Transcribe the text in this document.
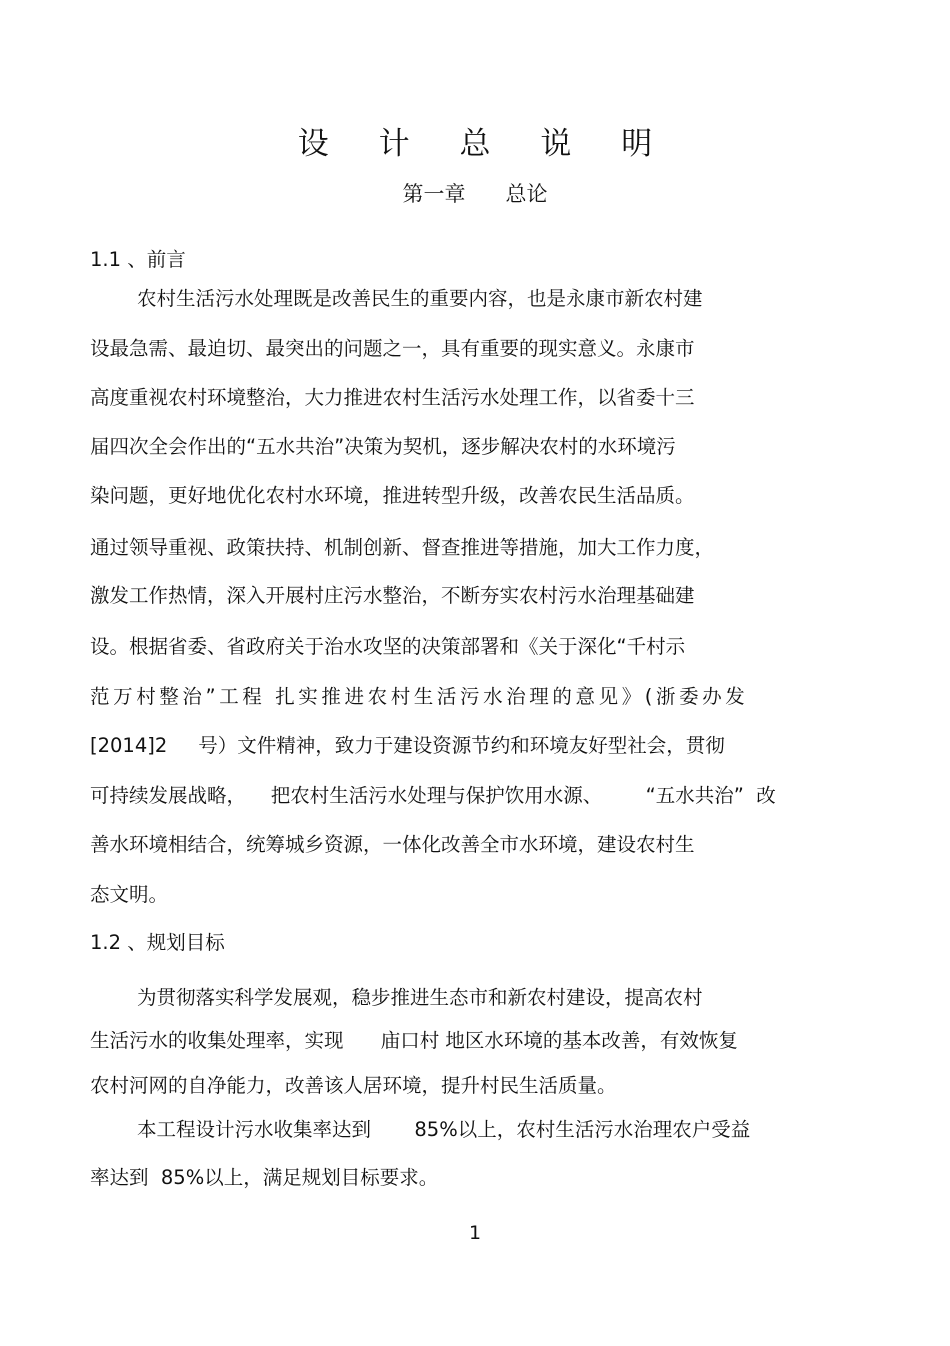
设 计 总 说 明
第一章      总论
1.1 、前言
农村生活污水处理既是改善民生的重要内容，也是永康市新农村建
设最急需、最迫切、最突出的问题之一，具有重要的现实意义。永康市
高度重视农村环境整治，大力推进农村生活污水处理工作，以省委十三
届四次全会作出的“五水共治”决策为契机，逐步解决农村的水环境污
染问题，更好地优化农村水环境，推进转型升级，改善农民生活品质。
通过领导重视、政策扶持、机制创新、督查推进等措施，加大工作力度，
激发工作热情，深入开展村庄污水整治，不断夯实农村污水治理基础建
设。根据省委、省政府关于治水攻坚的决策部署和《关于深化“千村示
范万村整治”工程 扎实推进农村生活污水治理的意见》(浙委办发
[2014]2     号）文件精神，致力于建设资源节约和环境友好型社会，贯彻
可持续发展战略，    把农村生活污水处理与保护饮用水源、       “五水共治”  改
善水环境相结合，统筹城乡资源，一体化改善全市水环境，建设农村生
态文明。
1.2 、规划目标
为贯彻落实科学发展观，稳步推进生态市和新农村建设，提高农村
生活污水的收集处理率，实现      庙口村 地区水环境的基本改善，有效恢复
农村河网的自净能力，改善该人居环境，提升村民生活质量。
本工程设计污水收集率达到       85%以上，农村生活污水治理农户受益
率达到  85%以上，满足规划目标要求。
1
